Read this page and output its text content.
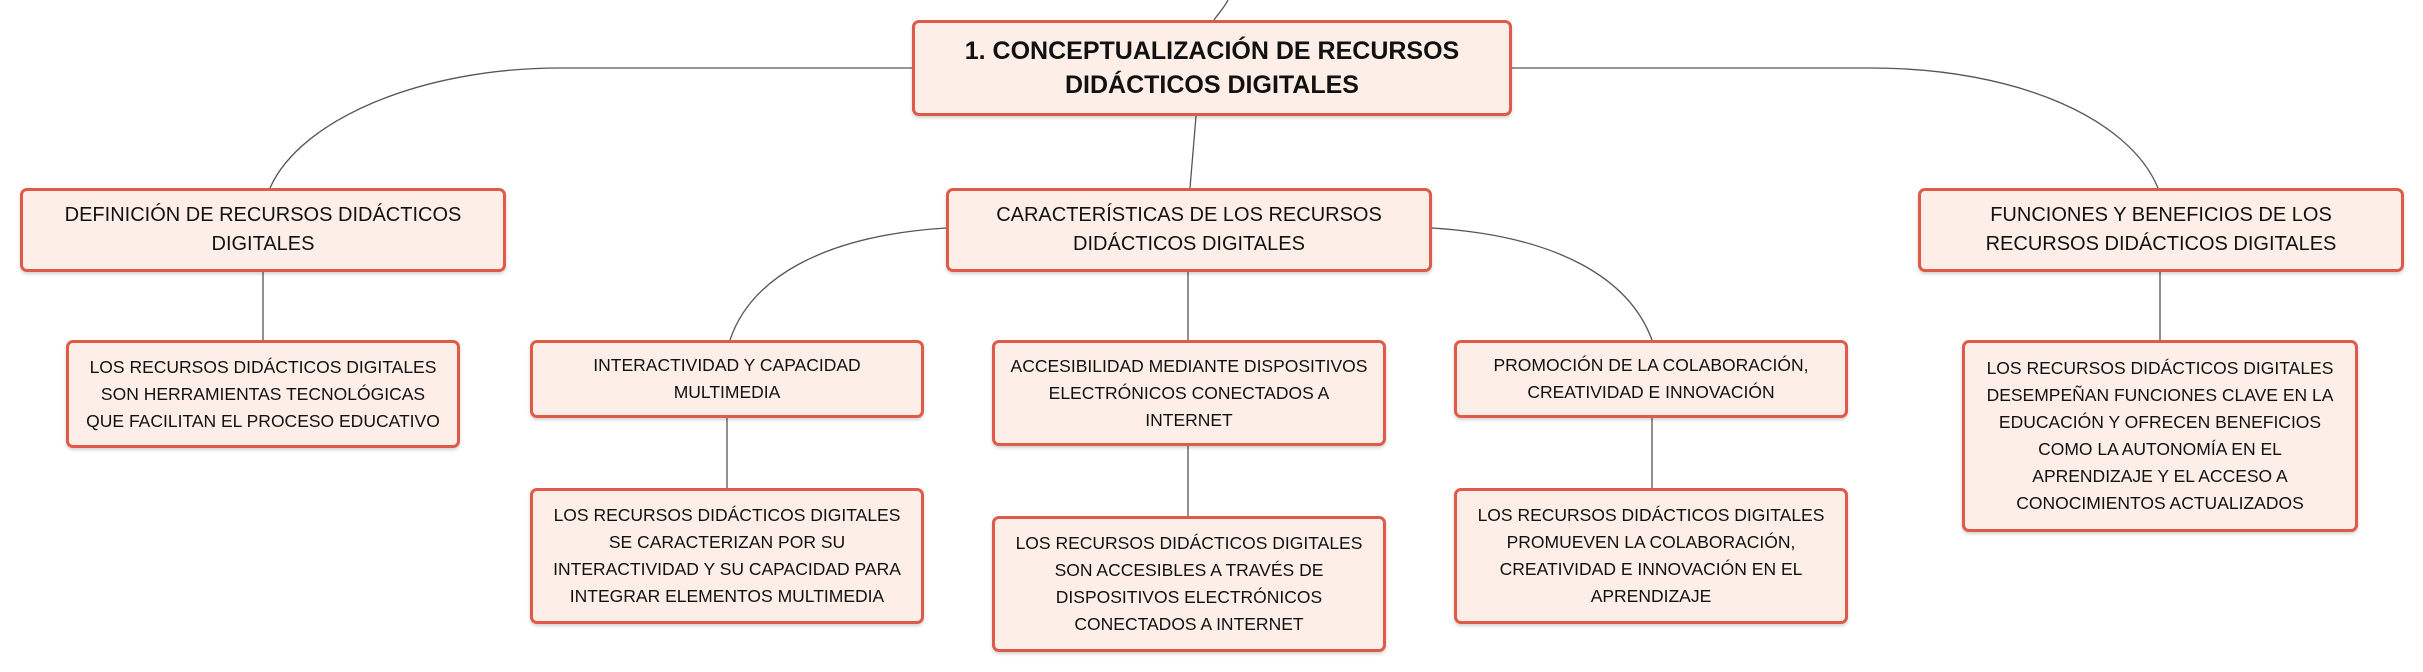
1. CONCEPTUALIZACIÓN DE RECURSOS DIDÁCTICOS DIGITALES
DEFINICIÓN DE RECURSOS DIDÁCTICOS DIGITALES
CARACTERÍSTICAS DE LOS RECURSOS DIDÁCTICOS DIGITALES
FUNCIONES Y BENEFICIOS DE LOS RECURSOS DIDÁCTICOS DIGITALES
LOS RECURSOS DIDÁCTICOS DIGITALES SON HERRAMIENTAS TECNOLÓGICAS QUE FACILITAN EL PROCESO EDUCATIVO
INTERACTIVIDAD Y CAPACIDAD MULTIMEDIA
ACCESIBILIDAD MEDIANTE DISPOSITIVOS ELECTRÓNICOS CONECTADOS A INTERNET
PROMOCIÓN DE LA COLABORACIÓN, CREATIVIDAD E INNOVACIÓN
LOS RECURSOS DIDÁCTICOS DIGITALES SE CARACTERIZAN POR SU INTERACTIVIDAD Y SU CAPACIDAD PARA INTEGRAR ELEMENTOS MULTIMEDIA
LOS RECURSOS DIDÁCTICOS DIGITALES SON ACCESIBLES A TRAVÉS DE DISPOSITIVOS ELECTRÓNICOS CONECTADOS A INTERNET
LOS RECURSOS DIDÁCTICOS DIGITALES PROMUEVEN LA COLABORACIÓN, CREATIVIDAD E INNOVACIÓN EN EL APRENDIZAJE
LOS RECURSOS DIDÁCTICOS DIGITALES DESEMPEÑAN FUNCIONES CLAVE EN LA EDUCACIÓN Y OFRECEN BENEFICIOS COMO LA AUTONOMÍA EN EL APRENDIZAJE Y EL ACCESO A CONOCIMIENTOS ACTUALIZADOS
